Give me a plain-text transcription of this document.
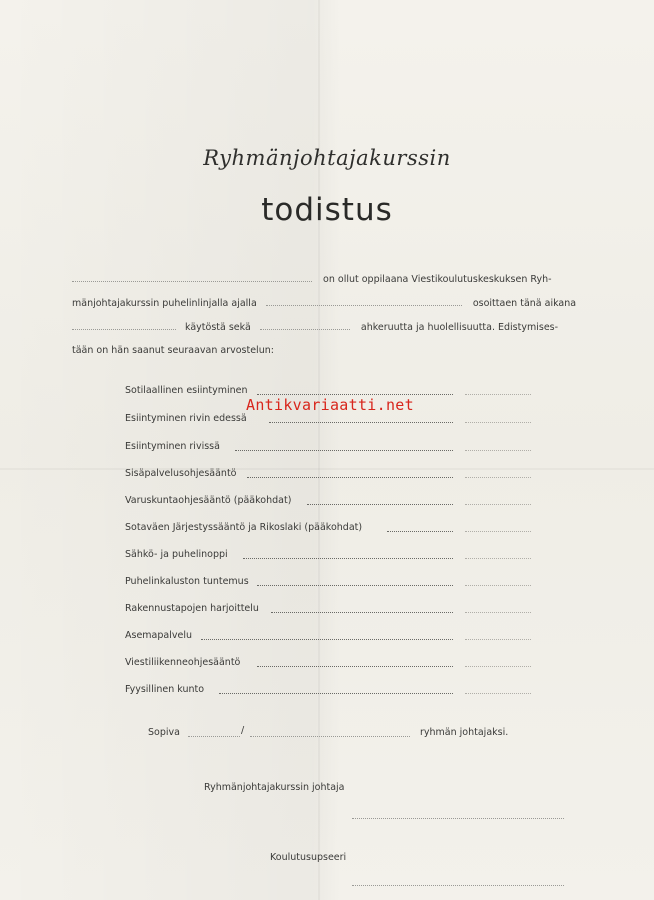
Ryhmänjohtajakurssin
todistus
on ollut oppilaana Viestikoulutuskeskuksen Ryh-
mänjohtajakurssin puhelinlinjalla ajalla	osoittaen tänä aikana
käytöstä sekä	ahkeruutta ja huolellisuutta. Edistymises-
tään on hän saanut seuraavan arvostelun:
Sotilaallinen esiintyminen
Esiintyminen rivin edessä
Esiintyminen rivissä
Sisäpalvelusohjesääntö
Varuskuntaohjesääntö (pääkohdat)
Sotaväen Järjestyssääntö ja Rikoslaki (pääkohdat)
Sähkö- ja puhelinoppi
Puhelinkaluston tuntemus
Rakennustapojen harjoittelu
Asemapalvelu
Viestiliikenneohjesääntö
Fyysillinen kunto
Antikvariaatti.net
Sopiva	/	ryhmän johtajaksi.
Ryhmänjohtajakurssin johtaja
Koulutusupseeri
